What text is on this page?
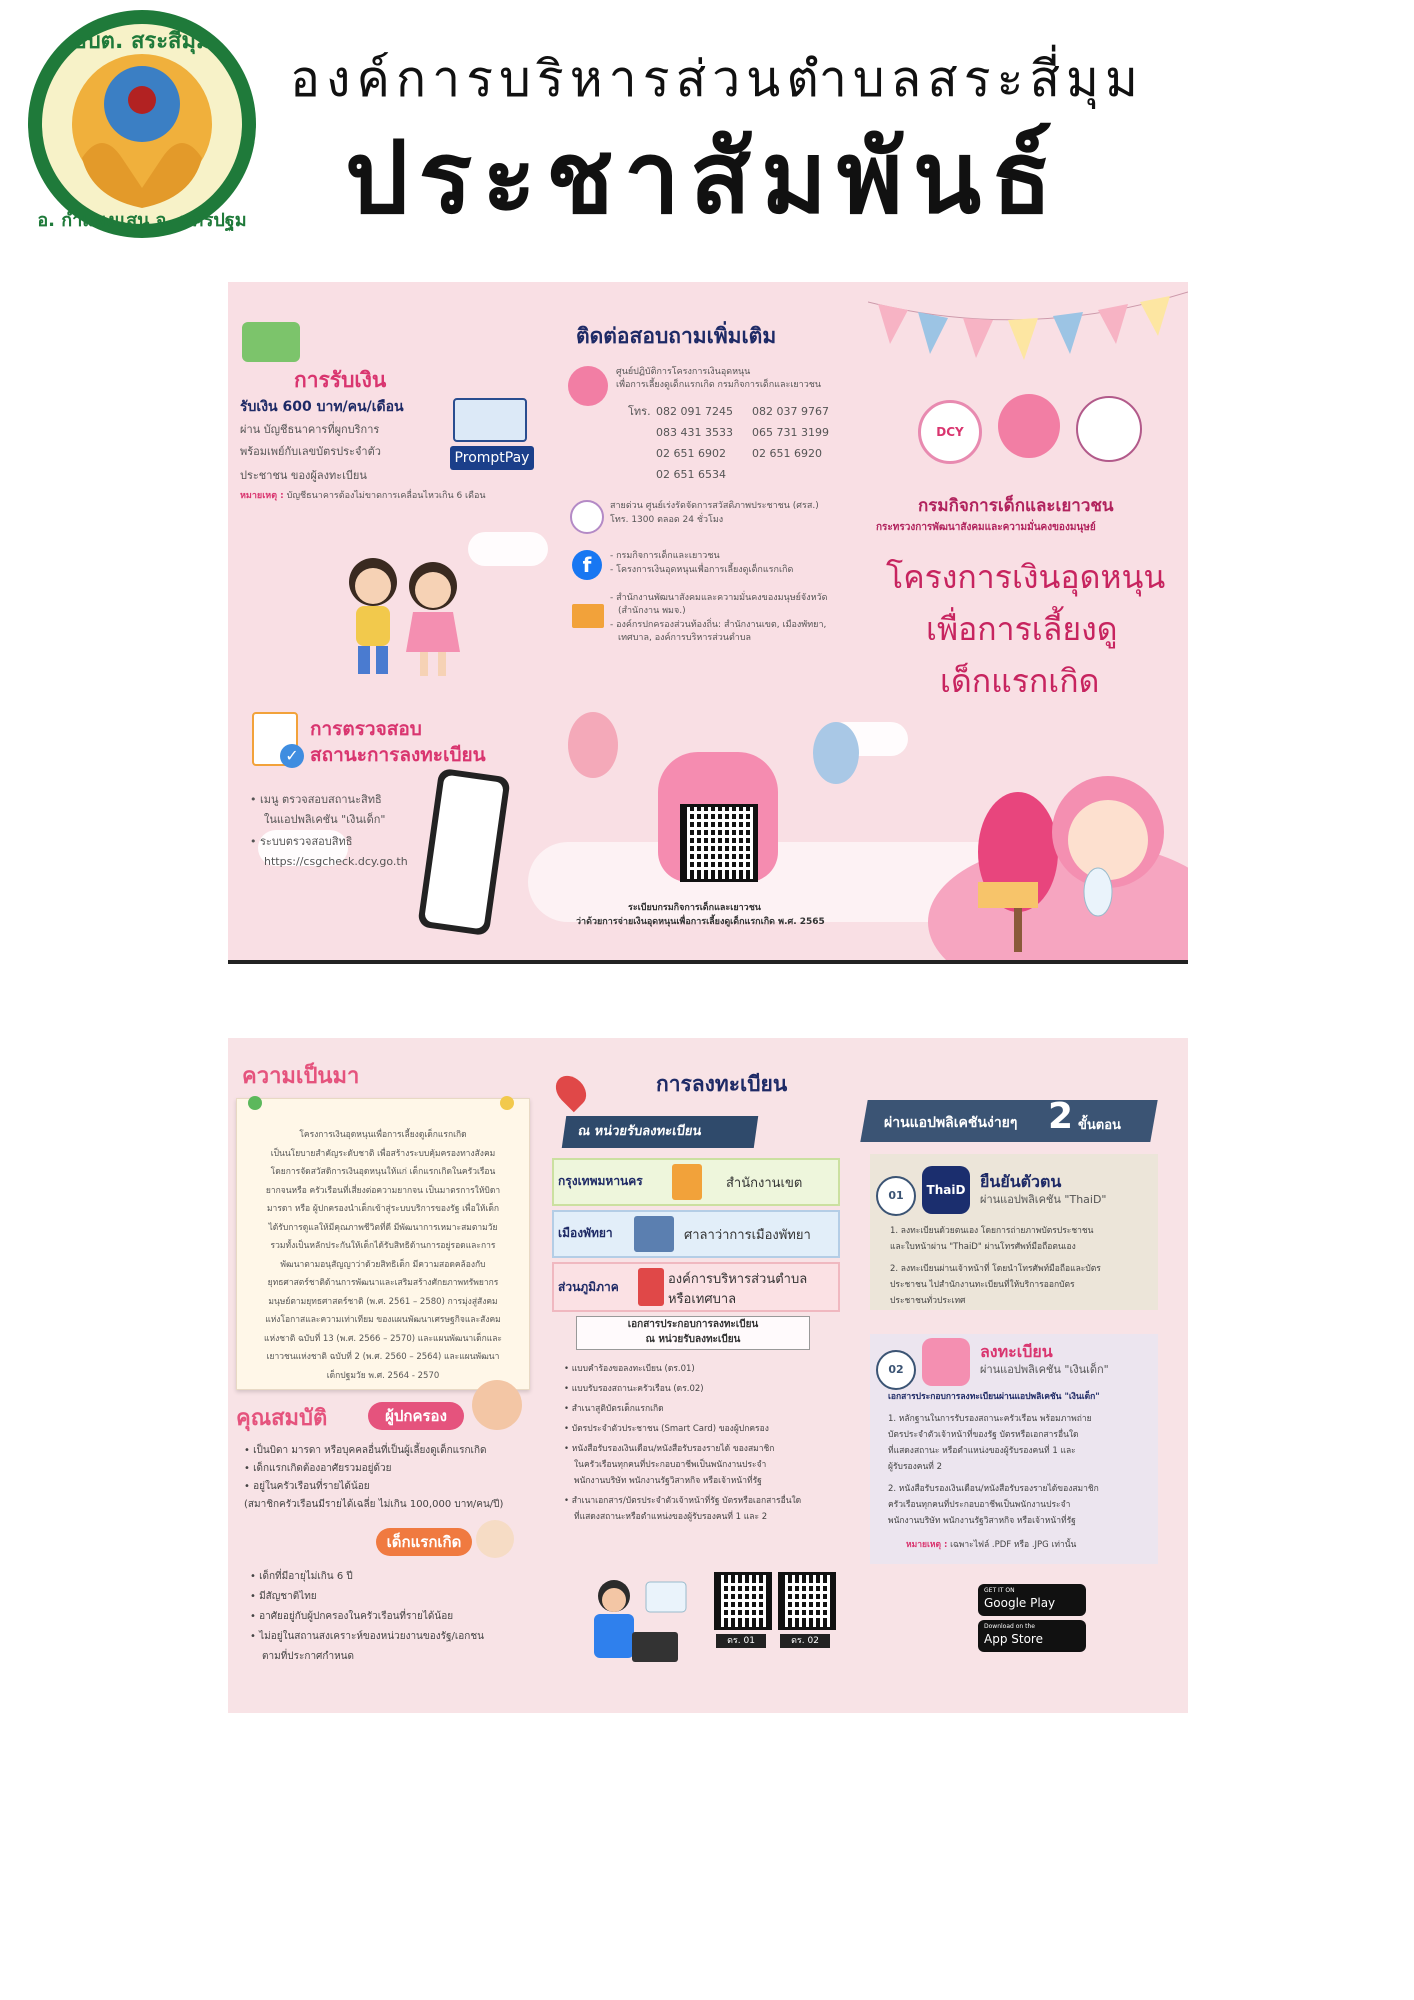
อบต. สระสี่มุม
อ. กำแพงแสน จ. นครปฐม
องค์การบริหารส่วนตำบลสระสี่มุม
ประชาสัมพันธ์
การรับเงิน
รับเงิน 600 บาท/คน/เดือน
ผ่าน บัญชีธนาคารที่ผูกบริการ
พร้อมเพย์กับเลขบัตรประจำตัว
ประชาชน ของผู้ลงทะเบียน
หมายเหตุ : บัญชีธนาคารต้องไม่ขาดการเคลื่อนไหวเกิน 6 เดือน
PromptPay
✓
การตรวจสอบ
สถานะการลงทะเบียน
• เมนู ตรวจสอบสถานะสิทธิ
ในแอปพลิเคชัน "เงินเด็ก"
• ระบบตรวจสอบสิทธิ
https://csgcheck.dcy.go.th
ติดต่อสอบถามเพิ่มเติม
ศูนย์ปฏิบัติการโครงการเงินอุดหนุน
เพื่อการเลี้ยงดูเด็กแรกเกิด กรมกิจการเด็กและเยาวชน
โทร. 082 091 7245 082 037 9767
083 431 3533 065 731 3199
02 651 6902 02 651 6920
02 651 6534
สายด่วน ศูนย์เร่งรัดจัดการสวัสดิภาพประชาชน (ศรส.)
โทร. 1300 ตลอด 24 ชั่วโมง
f	- กรมกิจการเด็กและเยาวชน
- โครงการเงินอุดหนุนเพื่อการเลี้ยงดูเด็กแรกเกิด
- สำนักงานพัฒนาสังคมและความมั่นคงของมนุษย์จังหวัด
(สำนักงาน พมจ.)
- องค์กรปกครองส่วนท้องถิ่น: สำนักงานเขต, เมืองพัทยา,
เทศบาล, องค์การบริหารส่วนตำบล
ระเบียบกรมกิจการเด็กและเยาวชน
ว่าด้วยการจ่ายเงินอุดหนุนเพื่อการเลี้ยงดูเด็กแรกเกิด พ.ศ. 2565
DCY
กรมกิจการเด็กและเยาวชน
กระทรวงการพัฒนาสังคมและความมั่นคงของมนุษย์
โครงการเงินอุดหนุน
เพื่อการเลี้ยงดู
เด็กแรกเกิด
ความเป็นมา
โครงการเงินอุดหนุนเพื่อการเลี้ยงดูเด็กแรกเกิด
เป็นนโยบายสำคัญระดับชาติ เพื่อสร้างระบบคุ้มครองทางสังคม
โดยการจัดสวัสดิการเงินอุดหนุนให้แก่ เด็กแรกเกิดในครัวเรือน
ยากจนหรือ ครัวเรือนที่เสี่ยงต่อความยากจน เป็นมาตรการให้บิดา
มารดา หรือ ผู้ปกครองนำเด็กเข้าสู่ระบบบริการของรัฐ เพื่อให้เด็ก
ได้รับการดูแลให้มีคุณภาพชีวิตที่ดี มีพัฒนาการเหมาะสมตามวัย
รวมทั้งเป็นหลักประกันให้เด็กได้รับสิทธิด้านการอยู่รอดและการ
พัฒนาตามอนุสัญญาว่าด้วยสิทธิเด็ก มีความสอดคล้องกับ
ยุทธศาสตร์ชาติด้านการพัฒนาและเสริมสร้างศักยภาพทรัพยากร
มนุษย์ตามยุทธศาสตร์ชาติ (พ.ศ. 2561 – 2580) การมุ่งสู่สังคม
แห่งโอกาสและความเท่าเทียม ของแผนพัฒนาเศรษฐกิจและสังคม
แห่งชาติ ฉบับที่ 13 (พ.ศ. 2566 – 2570) และแผนพัฒนาเด็กและ
เยาวชนแห่งชาติ ฉบับที่ 2 (พ.ศ. 2560 – 2564) และแผนพัฒนา
เด็กปฐมวัย พ.ศ. 2564 - 2570
คุณสมบัติ	ผู้ปกครอง
• เป็นบิดา มารดา หรือบุคคลอื่นที่เป็นผู้เลี้ยงดูเด็กแรกเกิด
• เด็กแรกเกิดต้องอาศัยรวมอยู่ด้วย
• อยู่ในครัวเรือนที่รายได้น้อย
(สมาชิกครัวเรือนมีรายได้เฉลี่ย ไม่เกิน 100,000 บาท/คน/ปี)
เด็กแรกเกิด
• เด็กที่มีอายุไม่เกิน 6 ปี
• มีสัญชาติไทย
• อาศัยอยู่กับผู้ปกครองในครัวเรือนที่รายได้น้อย
• ไม่อยู่ในสถานสงเคราะห์ของหน่วยงานของรัฐ/เอกชน
ตามที่ประกาศกำหนด
การลงทะเบียน
ณ หน่วยรับลงทะเบียน
กรุงเทพมหานคร	สำนักงานเขต
เมืองพัทยา	ศาลาว่าการเมืองพัทยา
ส่วนภูมิภาค	องค์การบริหารส่วนตำบล
หรือเทศบาล
เอกสารประกอบการลงทะเบียน
ณ หน่วยรับลงทะเบียน
• แบบคำร้องขอลงทะเบียน (ดร.01)
• แบบรับรองสถานะครัวเรือน (ดร.02)
• สำเนาสูติบัตรเด็กแรกเกิด
• บัตรประจำตัวประชาชน (Smart Card) ของผู้ปกครอง
• หนังสือรับรองเงินเดือน/หนังสือรับรองรายได้ ของสมาชิก
ในครัวเรือนทุกคนที่ประกอบอาชีพเป็นพนักงานประจำ
พนักงานบริษัท พนักงานรัฐวิสาหกิจ หรือเจ้าหน้าที่รัฐ
• สำเนาเอกสาร/บัตรประจำตัวเจ้าหน้าที่รัฐ บัตรหรือเอกสารอื่นใด
ที่แสดงสถานะหรือตำแหน่งของผู้รับรองคนที่ 1 และ 2
ดร. 01	ดร. 02
ผ่านแอปพลิเคชันง่ายๆ 2 ขั้นตอน
01	ThaiD ยืนยันตัวตน
ผ่านแอปพลิเคชัน "ThaiD"
1. ลงทะเบียนด้วยตนเอง โดยการถ่ายภาพบัตรประชาชน
และใบหน้าผ่าน "ThaiD" ผ่านโทรศัพท์มือถือตนเอง
2. ลงทะเบียนผ่านเจ้าหน้าที่ โดยนำโทรศัพท์มือถือและบัตร
ประชาชน ไปสำนักงานทะเบียนที่ให้บริการออกบัตร
ประชาชนทั่วประเทศ
02
ลงทะเบียน
ผ่านแอปพลิเคชัน "เงินเด็ก"
เอกสารประกอบการลงทะเบียนผ่านแอปพลิเคชัน "เงินเด็ก"
1. หลักฐานในการรับรองสถานะครัวเรือน พร้อมภาพถ่าย
บัตรประจำตัวเจ้าหน้าที่ของรัฐ บัตรหรือเอกสารอื่นใด
ที่แสดงสถานะ หรือตำแหน่งของผู้รับรองคนที่ 1 และ
ผู้รับรองคนที่ 2
2. หนังสือรับรองเงินเดือน/หนังสือรับรองรายได้ของสมาชิก
ครัวเรือนทุกคนที่ประกอบอาชีพเป็นพนักงานประจำ
พนักงานบริษัท พนักงานรัฐวิสาหกิจ หรือเจ้าหน้าที่รัฐ
หมายเหตุ : เฉพาะไฟล์ .PDF หรือ .JPG เท่านั้น
GET IT ON
Google Play
Download on the
App Store
